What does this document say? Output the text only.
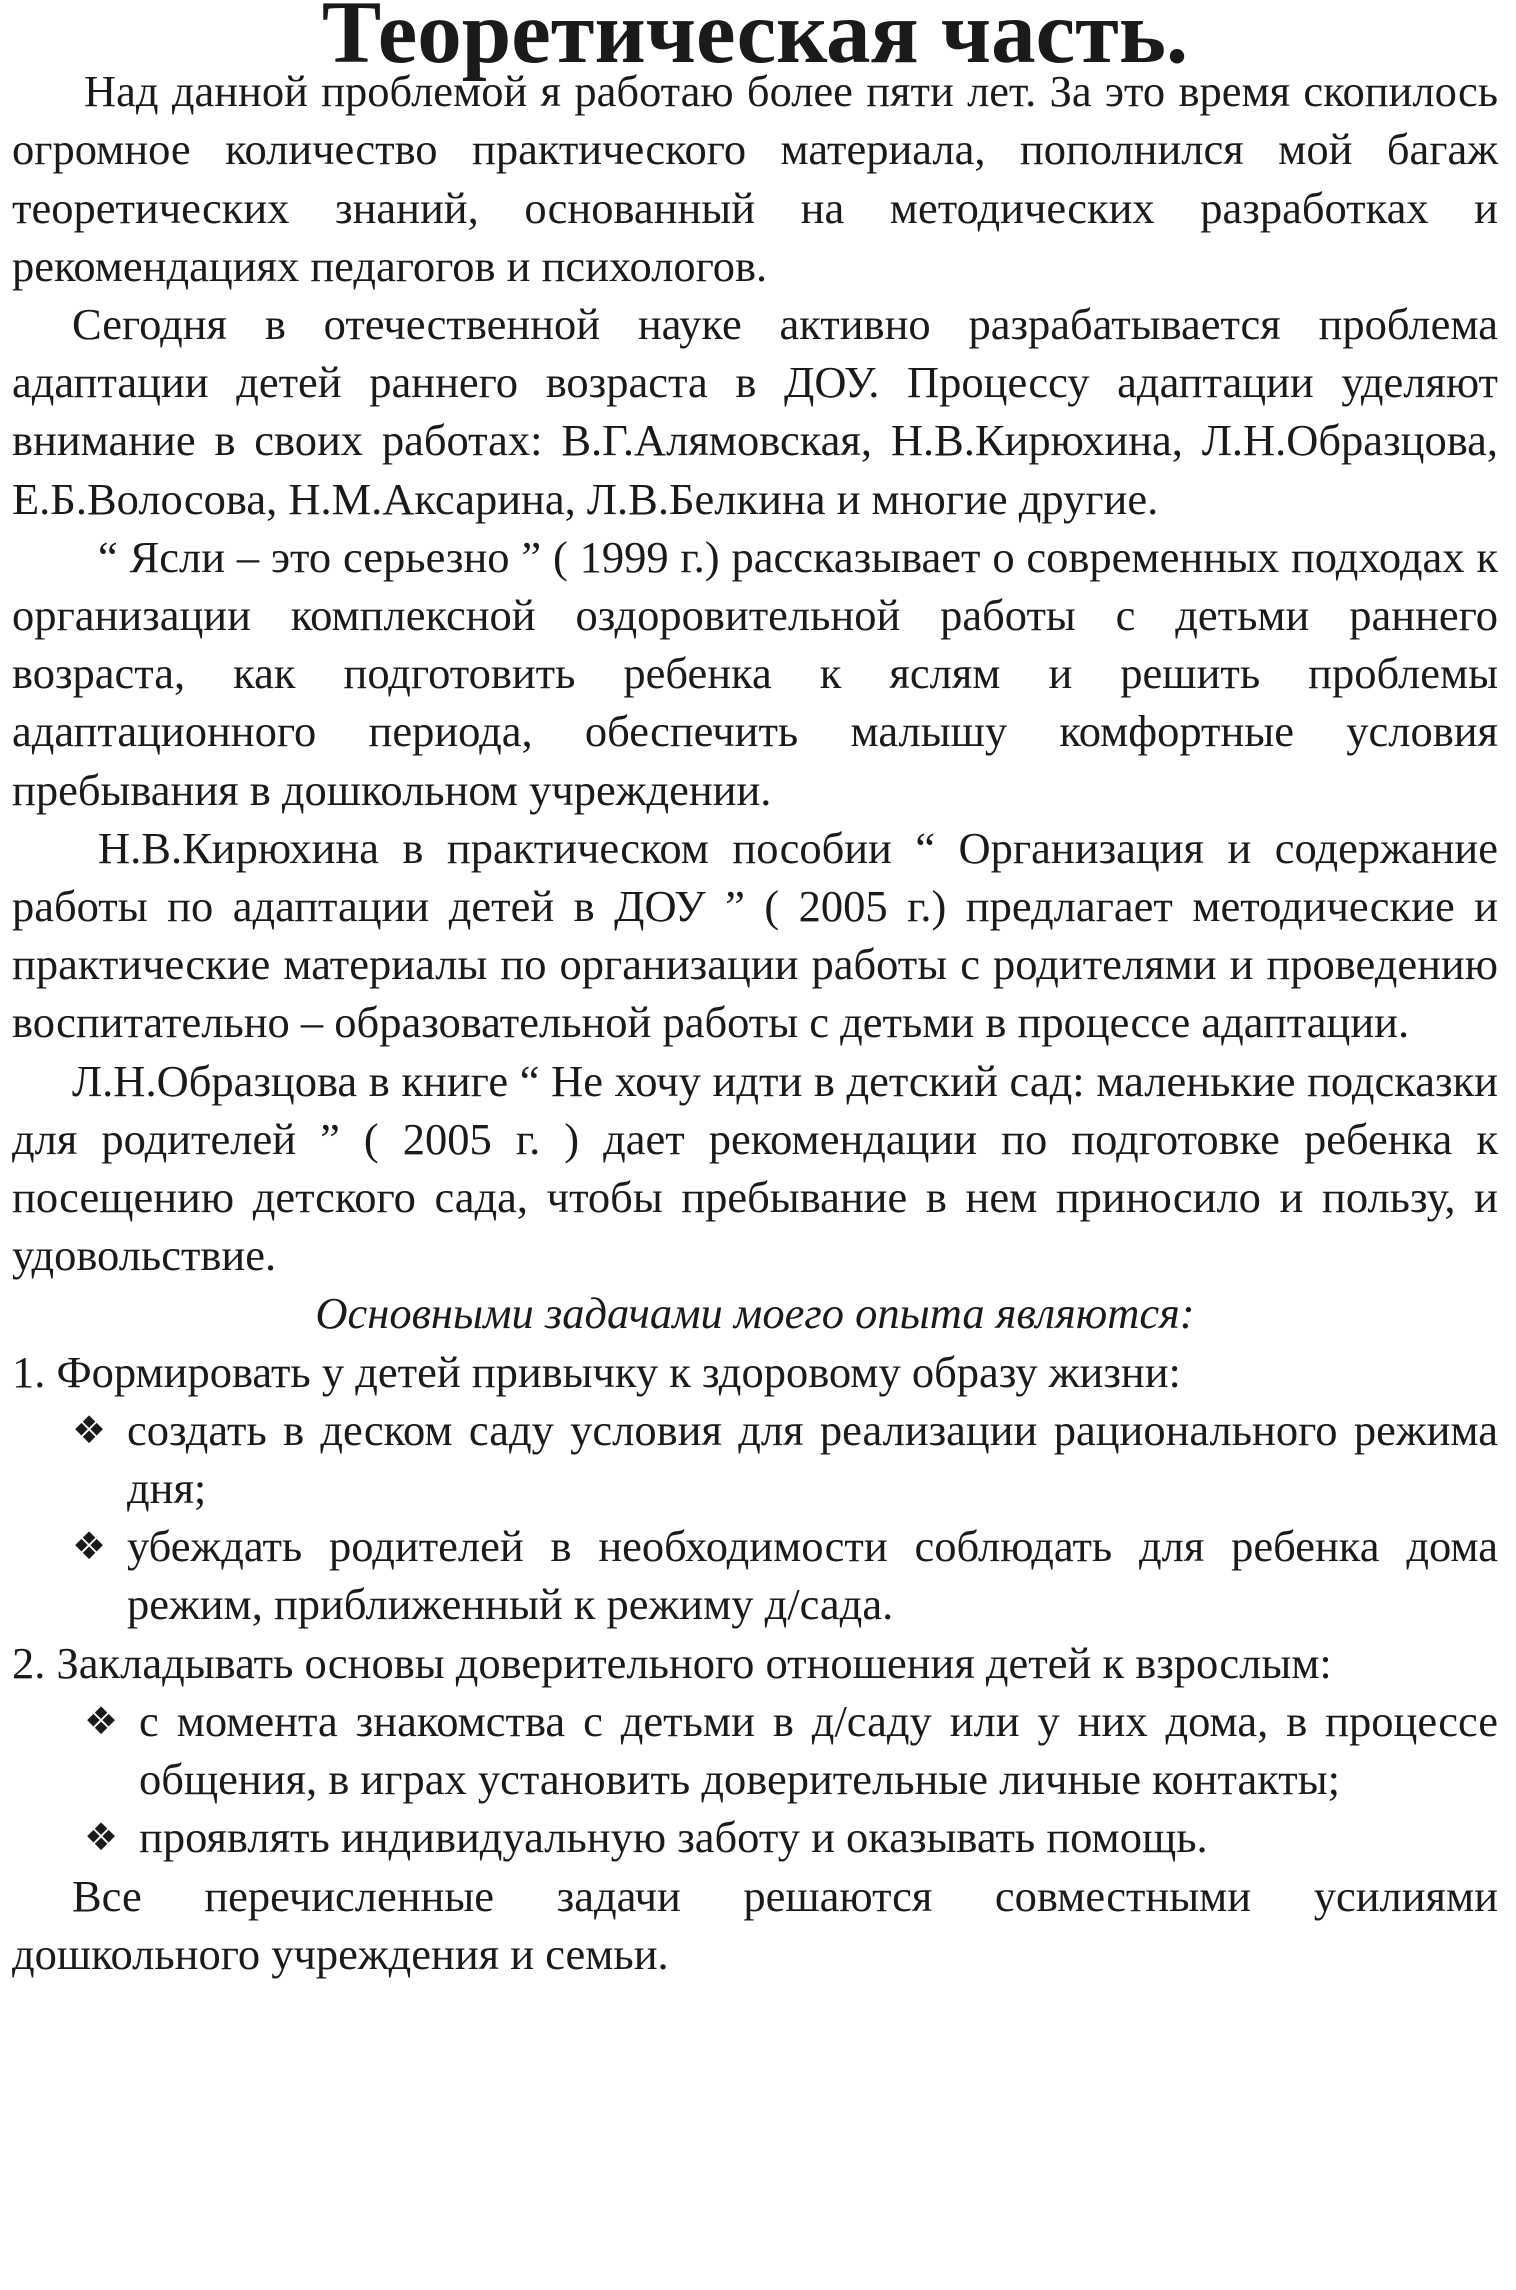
Теоретическая часть.

Над данной проблемой я работаю более пяти лет. За это время скопилось огромное количество практического материала, пополнился мой багаж теоретических знаний, основанный на методических разработках и рекомендациях педагогов и психологов.

Сегодня в отечественной науке активно разрабатывается проблема адаптации детей раннего возраста в ДОУ. Процессу адаптации уделяют внимание в своих работах: В.Г.Алямовская, Н.В.Кирюхина, Л.Н.Образцова, Е.Б.Волосова, Н.М.Аксарина, Л.В.Белкина и многие другие.

“ Ясли – это серьезно ” ( 1999 г.) рассказывает о современных подходах к организации комплексной оздоровительной работы с детьми раннего возраста, как подготовить ребенка к яслям и решить проблемы адаптационного периода, обеспечить малышу комфортные условия пребывания в дошкольном учреждении.

Н.В.Кирюхина в практическом пособии “ Организация и содержание работы по адаптации детей в ДОУ ” ( 2005 г.) предлагает методические и практические материалы по организации работы с родителями и проведению воспитательно – образовательной работы с детьми в процессе адаптации.

Л.Н.Образцова в книге “ Не хочу идти в детский сад: маленькие подсказки для родителей ” ( 2005 г. ) дает рекомендации по подготовке ребенка к посещению детского сада, чтобы пребывание в нем приносило и пользу, и удовольствие.

Основными задачами моего опыта являются:

1. Формировать у детей привычку к здоровому образу жизни:

❖ создать в деском саду условия для реализации рационального режима дня;
❖ убеждать родителей в необходимости соблюдать для ребенка дома режим, приближенный к режиму д/сада.

2. Закладывать основы доверительного отношения детей к взрослым:

❖ с момента знакомства с детьми в д/саду или у них дома, в процессе общения, в играх установить доверительные личные контакты;
❖ проявлять индивидуальную заботу и оказывать помощь.

Все перечисленные задачи решаются совместными усилиями дошкольного учреждения и семьи.
